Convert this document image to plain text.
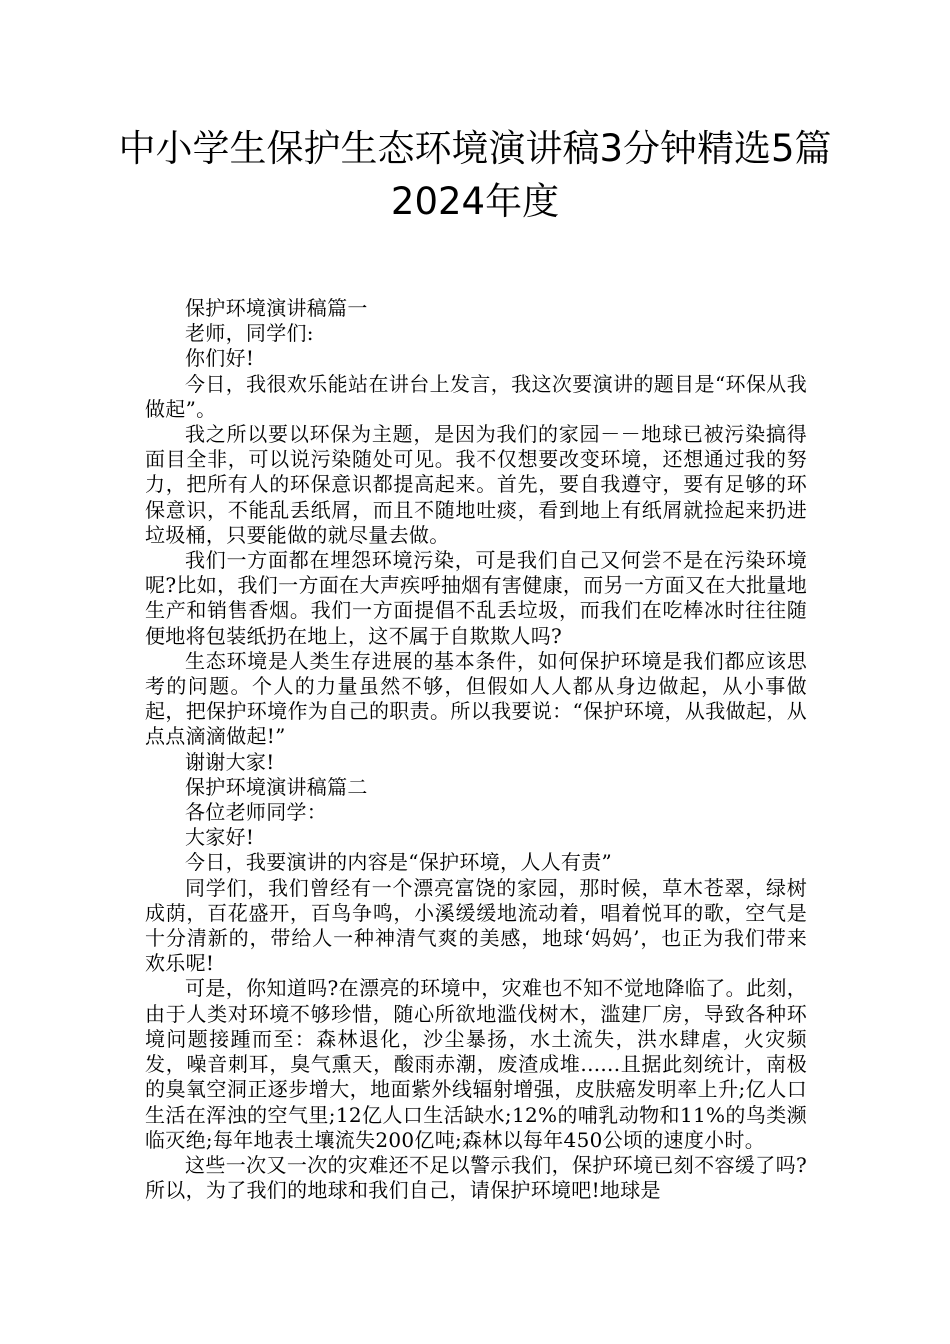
中小学生保护生态环境演讲稿3分钟精选5篇2024年度

保护环境演讲稿篇一

老师，同学们:

你们好!

今日，我很欢乐能站在讲台上发言，我这次要演讲的题目是“环保从我做起”。

我之所以要以环保为主题，是因为我们的家园－－地球已被污染搞得面目全非，可以说污染随处可见。我不仅想要改变环境，还想通过我的努力，把所有人的环保意识都提高起来。首先，要自我遵守，要有足够的环保意识，不能乱丢纸屑，而且不随地吐痰，看到地上有纸屑就捡起来扔进垃圾桶，只要能做的就尽量去做。

我们一方面都在埋怨环境污染，可是我们自己又何尝不是在污染环境呢?比如，我们一方面在大声疾呼抽烟有害健康，而另一方面又在大批量地生产和销售香烟。我们一方面提倡不乱丢垃圾，而我们在吃棒冰时往往随便地将包装纸扔在地上，这不属于自欺欺人吗?

生态环境是人类生存进展的基本条件，如何保护环境是我们都应该思考的问题。个人的力量虽然不够，但假如人人都从身边做起，从小事做起，把保护环境作为自己的职责。所以我要说：“保护环境，从我做起，从点点滴滴做起!”

谢谢大家!

保护环境演讲稿篇二

各位老师同学：

大家好!

今日，我要演讲的内容是“保护环境，人人有责”

同学们，我们曾经有一个漂亮富饶的家园，那时候，草木苍翠，绿树成荫，百花盛开，百鸟争鸣，小溪缓缓地流动着，唱着悦耳的歌，空气是十分清新的，带给人一种神清气爽的美感，地球‘妈妈’，也正为我们带来欢乐呢!

可是，你知道吗?在漂亮的环境中，灾难也不知不觉地降临了。此刻，由于人类对环境不够珍惜，随心所欲地滥伐树木，滥建厂房，导致各种环境问题接踵而至：森林退化，沙尘暴扬，水土流失，洪水肆虐，火灾频发，噪音刺耳，臭气熏天，酸雨赤潮，废渣成堆......且据此刻统计，南极的臭氧空洞正逐步增大，地面紫外线辐射增强，皮肤癌发明率上升;亿人口生活在浑浊的空气里;12亿人口生活缺水;12%的哺乳动物和11%的鸟类濒临灭绝;每年地表土壤流失200亿吨;森林以每年450公顷的速度小时。

这些一次又一次的灾难还不足以警示我们，保护环境已刻不容缓了吗?所以，为了我们的地球和我们自己，请保护环境吧!地球是
